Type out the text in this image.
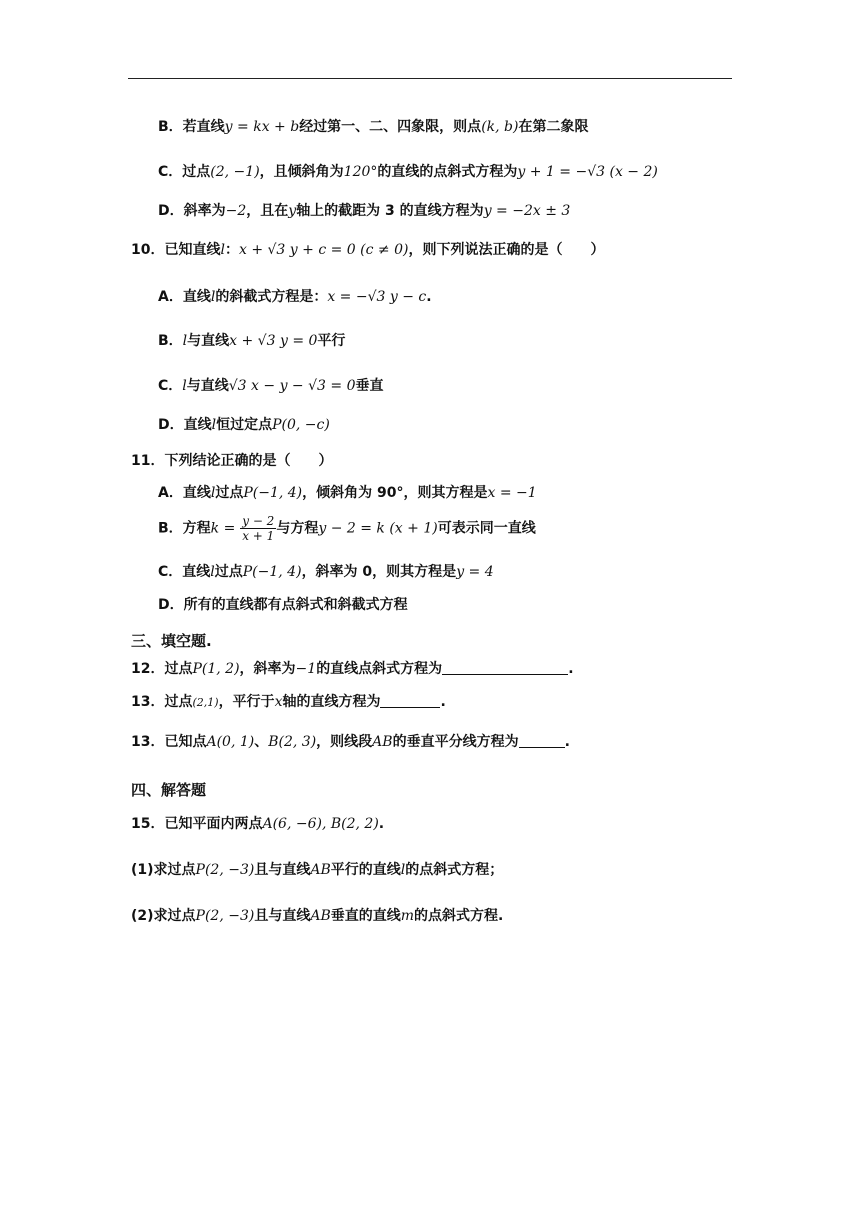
B．若直线y = kx + b经过第一、二、四象限，则点(k, b)在第二象限
C．过点(2, −1)，且倾斜角为120°的直线的点斜式方程为y + 1 = −√3 (x − 2)
D．斜率为−2，且在y轴上的截距为 3 的直线方程为y = −2x ± 3
10．已知直线l：x + √3 y + c = 0 (c ≠ 0)，则下列说法正确的是（　　）
A．直线l的斜截式方程是：x = −√3 y − c.
B．l与直线x + √3 y = 0平行
C．l与直线√3 x − y − √3 = 0垂直
D．直线l恒过定点P(0, −c)
11．下列结论正确的是（　　）
A．直线l过点P(−1, 4)，倾斜角为 90°，则其方程是x = −1
B．方程$k = \frac{y - 2}{x + 1}$ 与方程y − 2 = k (x + 1)可表示同一直线
C．直线l过点P(−1, 4)，斜率为 0，则其方程是y = 4
D．所有的直线都有点斜式和斜截式方程
三、填空题.
12．过点P(1, 2)，斜率为−1的直线点斜式方程为	.
13．过点(2,1)，平行于x轴的直线方程为	.
13．已知点A(0, 1)、B(2, 3)，则线段AB的垂直平分线方程为	.
四、解答题
15．已知平面内两点A(6, −6), B(2, 2).
(1)求过点P(2, −3)且与直线AB平行的直线l的点斜式方程；
(2)求过点P(2, −3)且与直线AB垂直的直线m的点斜式方程.
